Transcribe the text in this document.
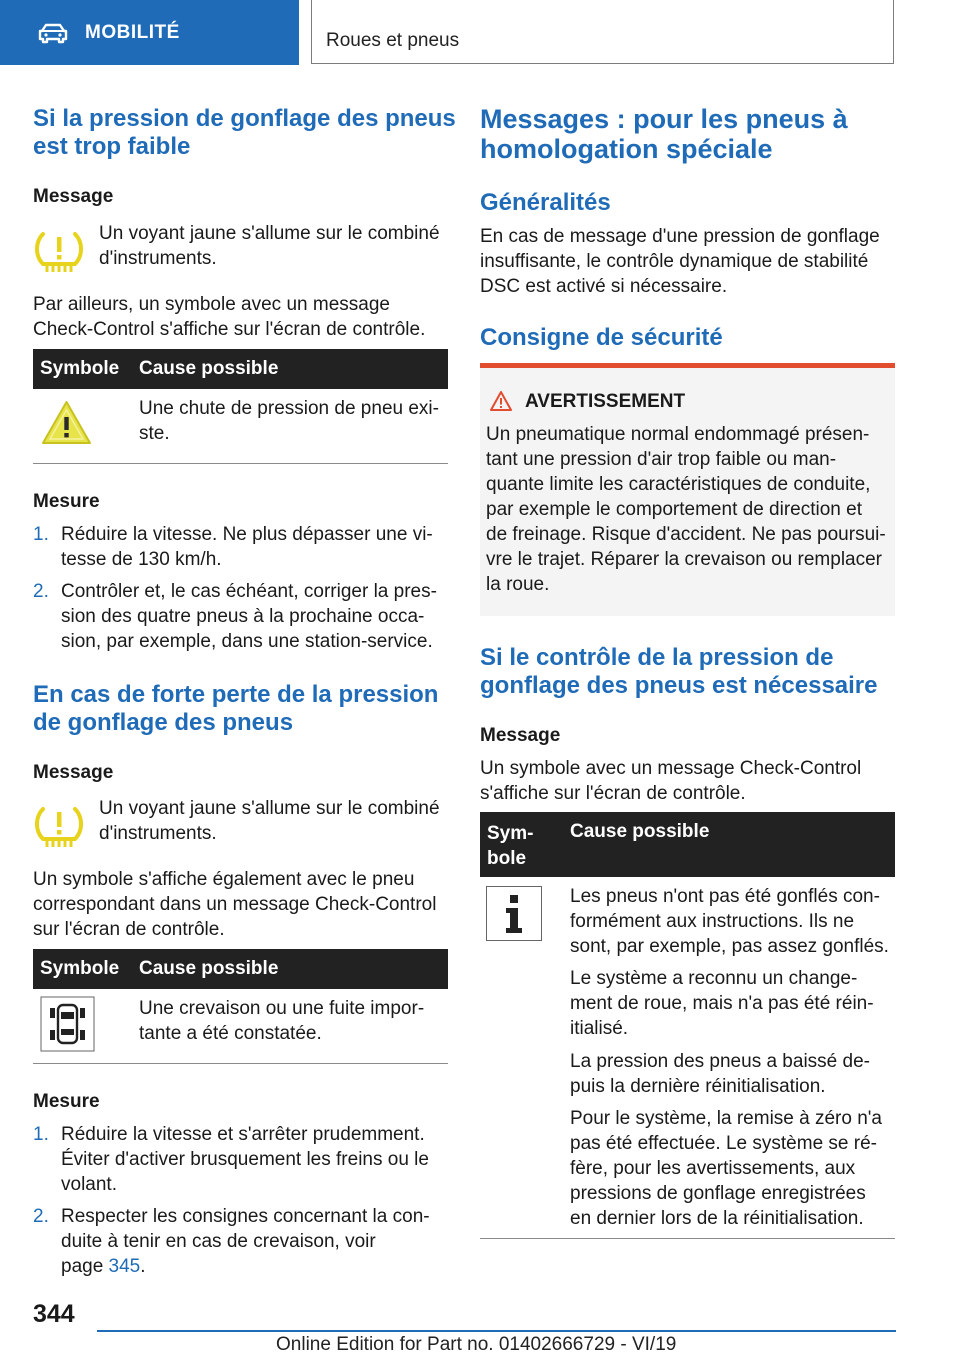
MOBILITÉ	Roues et pneus
Si la pression de gonflage des pneus
est trop faible
Message
Un voyant jaune s'allume sur le combiné
d'instruments.
Par ailleurs, un symbole avec un message
Check-Control s'affiche sur l'écran de contrôle.
Symbole Cause possible
Une chute de pression de pneu exi-
ste.
Mesure
1. Réduire la vitesse. Ne plus dépasser une vi-
tesse de 130 km/h.
2. Contrôler et, le cas échéant, corriger la pres-
sion des quatre pneus à la prochaine occa-
sion, par exemple, dans une station-service.
En cas de forte perte de la pression
de gonflage des pneus
Message
Un voyant jaune s'allume sur le combiné
d'instruments.
Un symbole s'affiche également avec le pneu
correspondant dans un message Check-Control
sur l'écran de contrôle.
Symbole Cause possible
Une crevaison ou une fuite impor-
tante a été constatée.
Mesure
1. Réduire la vitesse et s'arrêter prudemment.
Éviter d'activer brusquement les freins ou le
volant.
2. Respecter les consignes concernant la con-
duite à tenir en cas de crevaison, voir
page 345.
Messages : pour les pneus à
homologation spéciale
Généralités
En cas de message d'une pression de gonflage
insuffisante, le contrôle dynamique de stabilité
DSC est activé si nécessaire.
Consigne de sécurité
AVERTISSEMENT
Un pneumatique normal endommagé présen-
tant une pression d'air trop faible ou man-
quante limite les caractéristiques de conduite,
par exemple le comportement de direction et
de freinage. Risque d'accident. Ne pas poursui-
vre le trajet. Réparer la crevaison ou remplacer
la roue.
Si le contrôle de la pression de
gonflage des pneus est nécessaire
Message
Un symbole avec un message Check-Control
s'affiche sur l'écran de contrôle.
Sym-
bole
Cause possible
Les pneus n'ont pas été gonflés con-
formément aux instructions. Ils ne
sont, par exemple, pas assez gonflés.
Le système a reconnu un change-
ment de roue, mais n'a pas été réin-
itialisé.
La pression des pneus a baissé de-
puis la dernière réinitialisation.
Pour le système, la remise à zéro n'a
pas été effectuée. Le système se ré-
fère, pour les avertissements, aux
pressions de gonflage enregistrées
en dernier lors de la réinitialisation.
344
Online Edition for Part no. 01402666729 - VI/19
